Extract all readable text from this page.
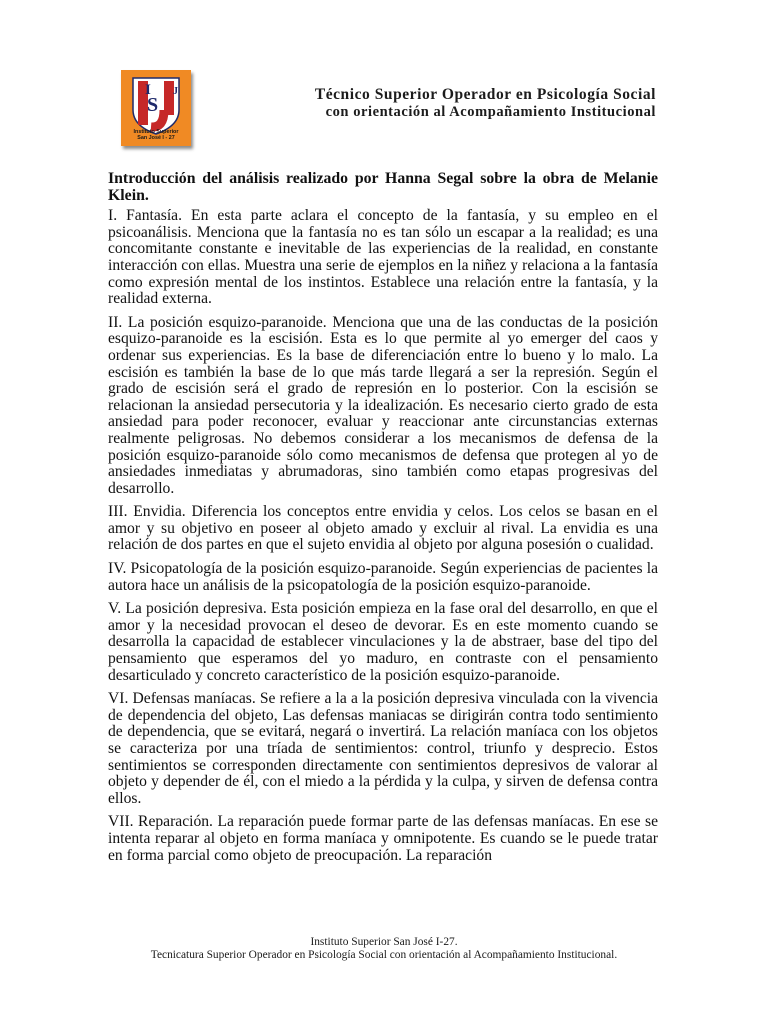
I
S
J
Instituto Superior
San José I - 27
Técnico Superior Operador en Psicología Social
con orientación al Acompañamiento Institucional

Introducción del análisis realizado por Hanna Segal sobre la obra de Melanie Klein.

I. Fantasía. En esta parte aclara el concepto de la fantasía, y su empleo en el psicoanálisis. Menciona que la fantasía no es tan sólo un escapar a la realidad; es una concomitante constante e inevitable de las experiencias de la realidad, en constante interacción con ellas. Muestra una serie de ejemplos en la niñez y relaciona a la fantasía como expresión mental de los instintos. Establece una relación entre la fantasía, y la realidad externa.

II. La posición esquizo-paranoide. Menciona que una de las conductas de la posición esquizo-paranoide es la escisión. Esta es lo que permite al yo emerger del caos y ordenar sus experiencias. Es la base de diferenciación entre lo bueno y lo malo. La escisión es también la base de lo que más tarde llegará a ser la represión. Según el grado de escisión será el grado de represión en lo posterior. Con la escisión se relacionan la ansiedad persecutoria y la idealización. Es necesario cierto grado de esta ansiedad para poder reconocer, evaluar y reaccionar ante circunstancias externas realmente peligrosas. No debemos considerar a los mecanismos de defensa de la posición esquizo-paranoide sólo como mecanismos de defensa que protegen al yo de ansiedades inmediatas y abrumadoras, sino también como etapas progresivas del desarrollo.

III. Envidia. Diferencia los conceptos entre envidia y celos. Los celos se basan en el amor y su objetivo en poseer al objeto amado y excluir al rival. La envidia es una relación de dos partes en que el sujeto envidia al objeto por alguna posesión o cualidad.

IV. Psicopatología de la posición esquizo-paranoide. Según experiencias de pacientes la autora hace un análisis de la psicopatología de la posición esquizo-paranoide.

V. La posición depresiva. Esta posición empieza en la fase oral del desarrollo, en que el amor y la necesidad provocan el deseo de devorar. Es en este momento cuando se desarrolla la capacidad de establecer vinculaciones y la de abstraer, base del tipo del pensamiento que esperamos del yo maduro, en contraste con el pensamiento desarticulado y concreto característico de la posición esquizo-paranoide.

VI. Defensas maníacas. Se refiere a la a la posición depresiva vinculada con la vivencia de dependencia del objeto, Las defensas maniacas se dirigirán contra todo sentimiento de dependencia, que se evitará, negará o invertirá. La relación maníaca con los objetos se caracteriza por una tríada de sentimientos: control, triunfo y desprecio. Estos sentimientos se corresponden directamente con sentimientos depresivos de valorar al objeto y depender de él, con el miedo a la pérdida y la culpa, y sirven de defensa contra ellos.

VII. Reparación. La reparación puede formar parte de las defensas maníacas. En ese se intenta reparar al objeto en forma maníaca y omnipotente. Es cuando se le puede tratar en forma parcial como objeto de preocupación. La reparación

Instituto Superior San José I-27.
Tecnicatura Superior Operador en Psicología Social con orientación al Acompañamiento Institucional.
